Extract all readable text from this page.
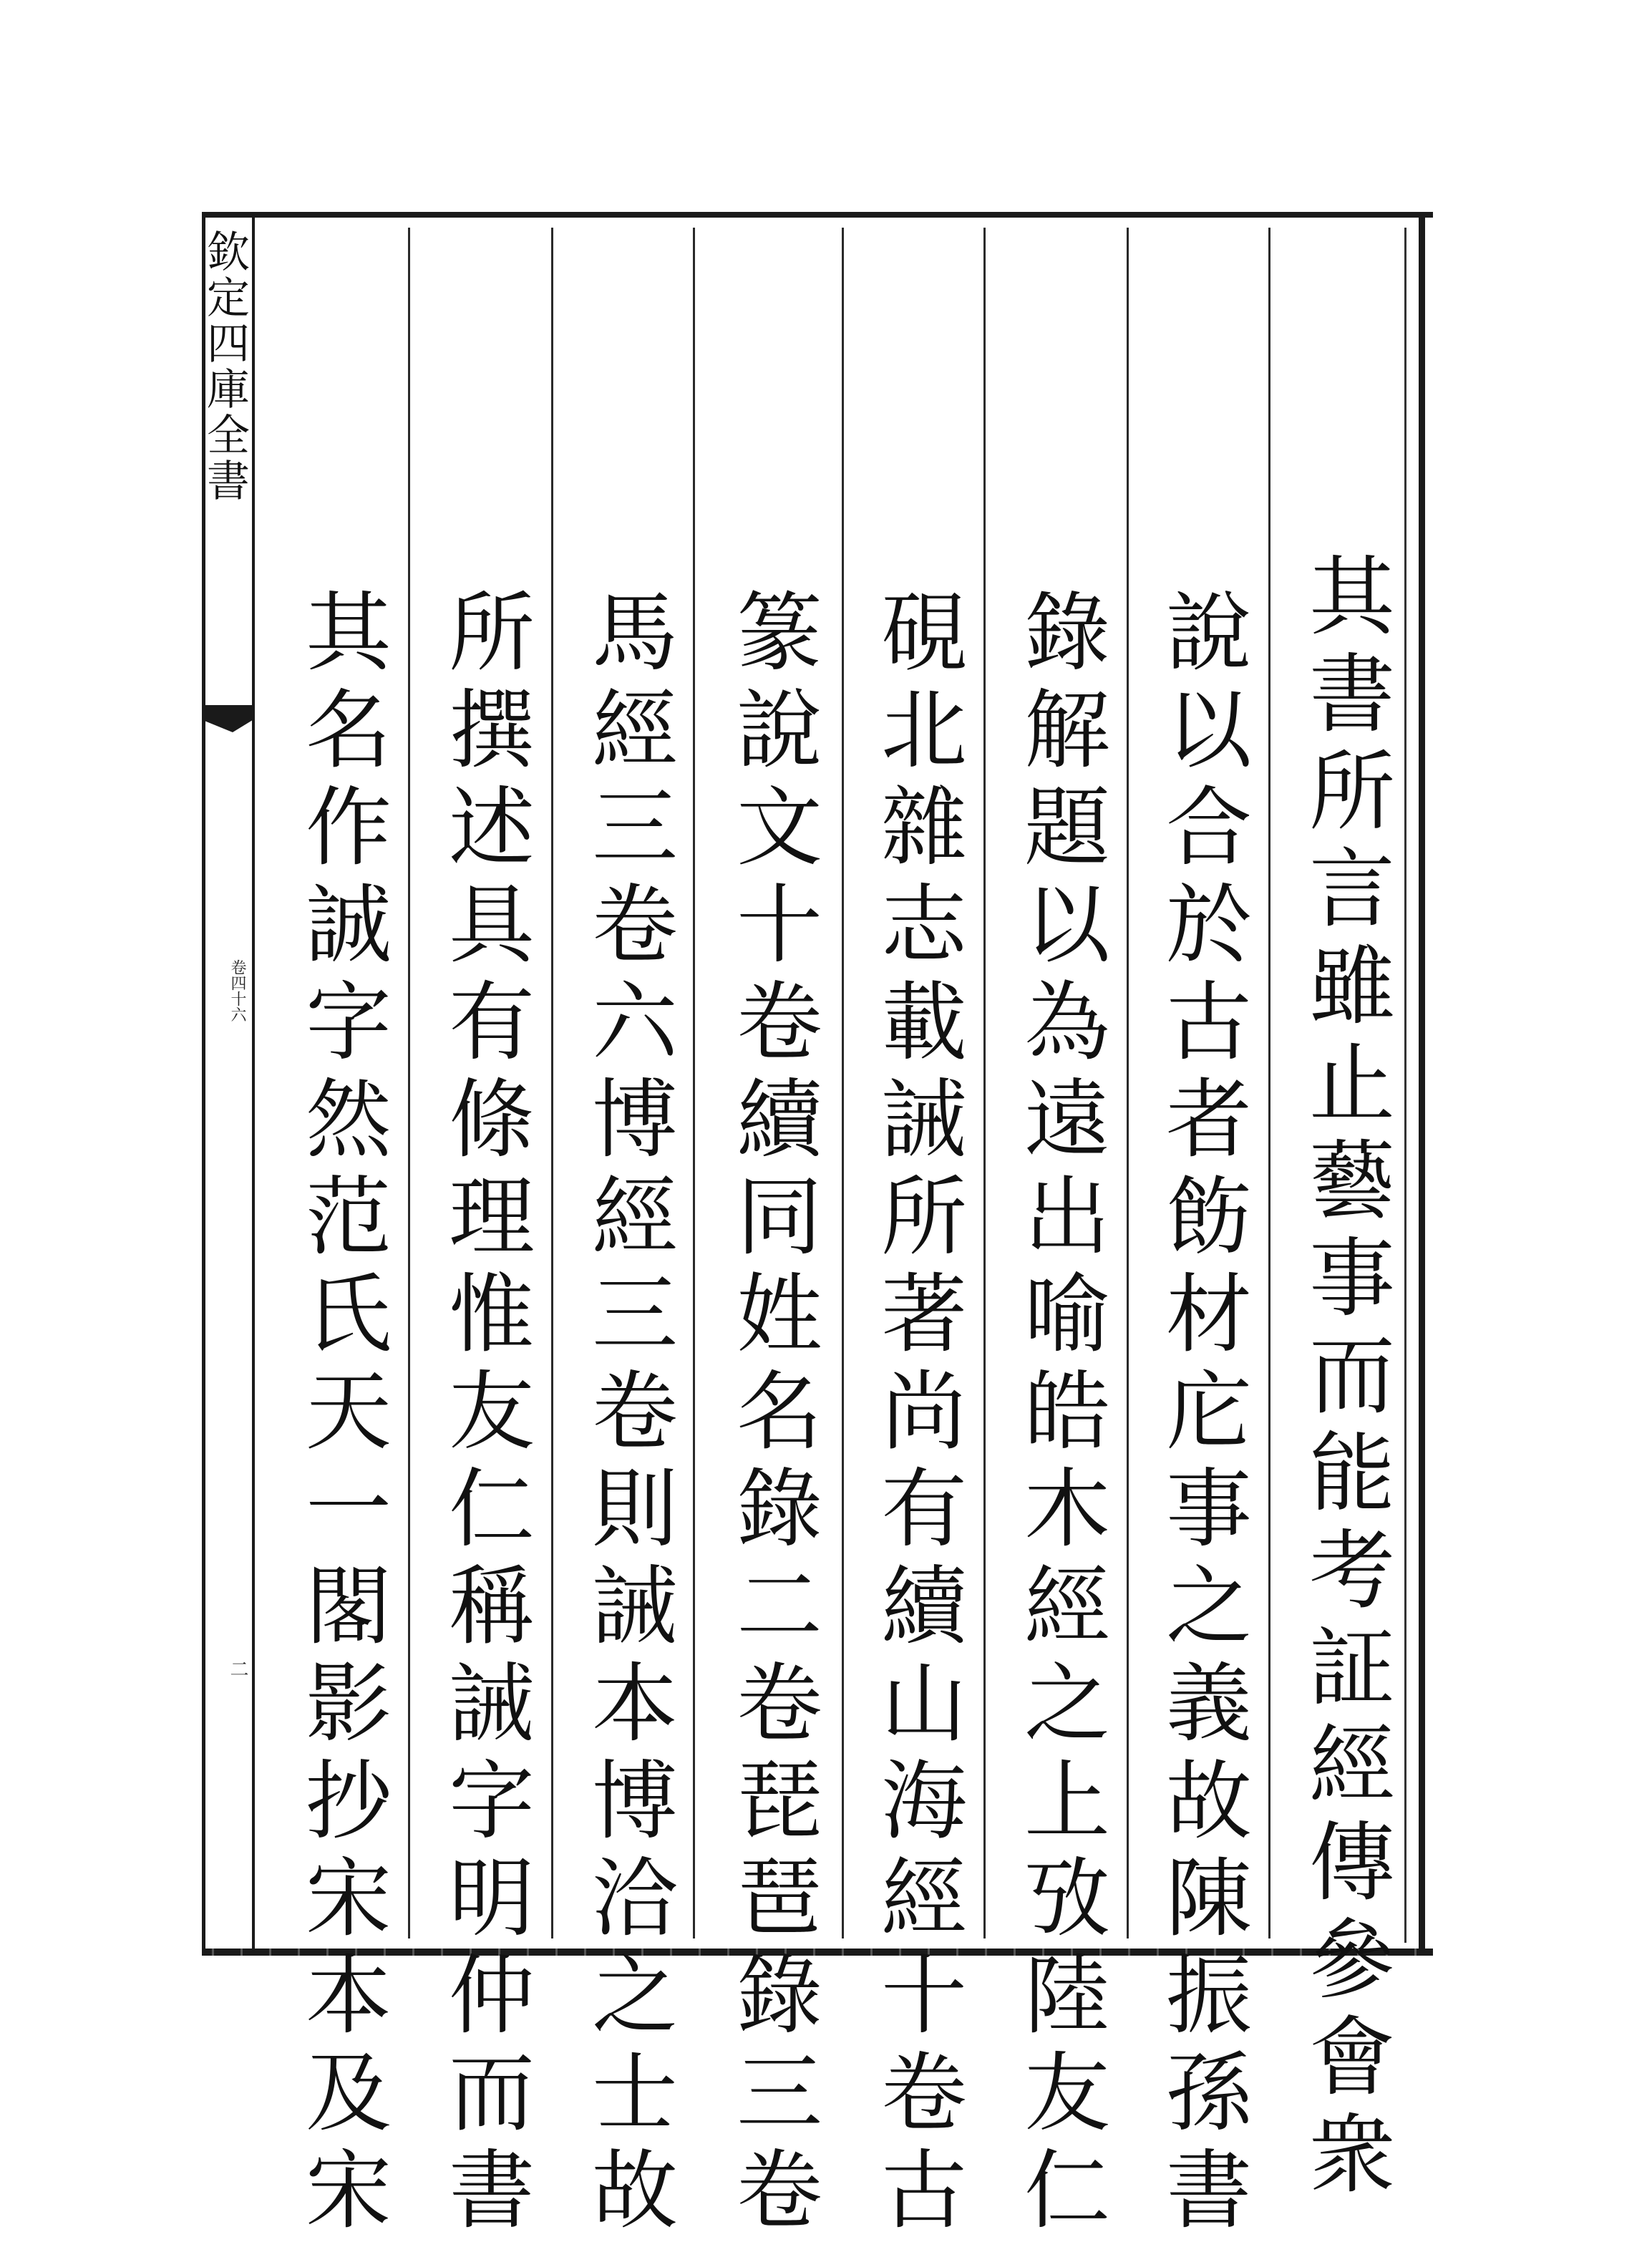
欽定四庫全書
卷四十六
二	其書所言雖止藝事而能考証經傳參會衆
說以合於古者飭材庀事之義故陳振孫書
錄解題以為遠出喻皓木經之上攷陸友仁
硯北雜志載誡所著尚有續山海經十卷古
篆說文十卷續同姓名錄二卷琵琶錄三卷
馬經三卷六博經三卷則誡本博洽之士故
所撰述具有條理惟友仁稱誡字明仲而書
其名作誠字然范氏天一閣影抄宋本及宋
